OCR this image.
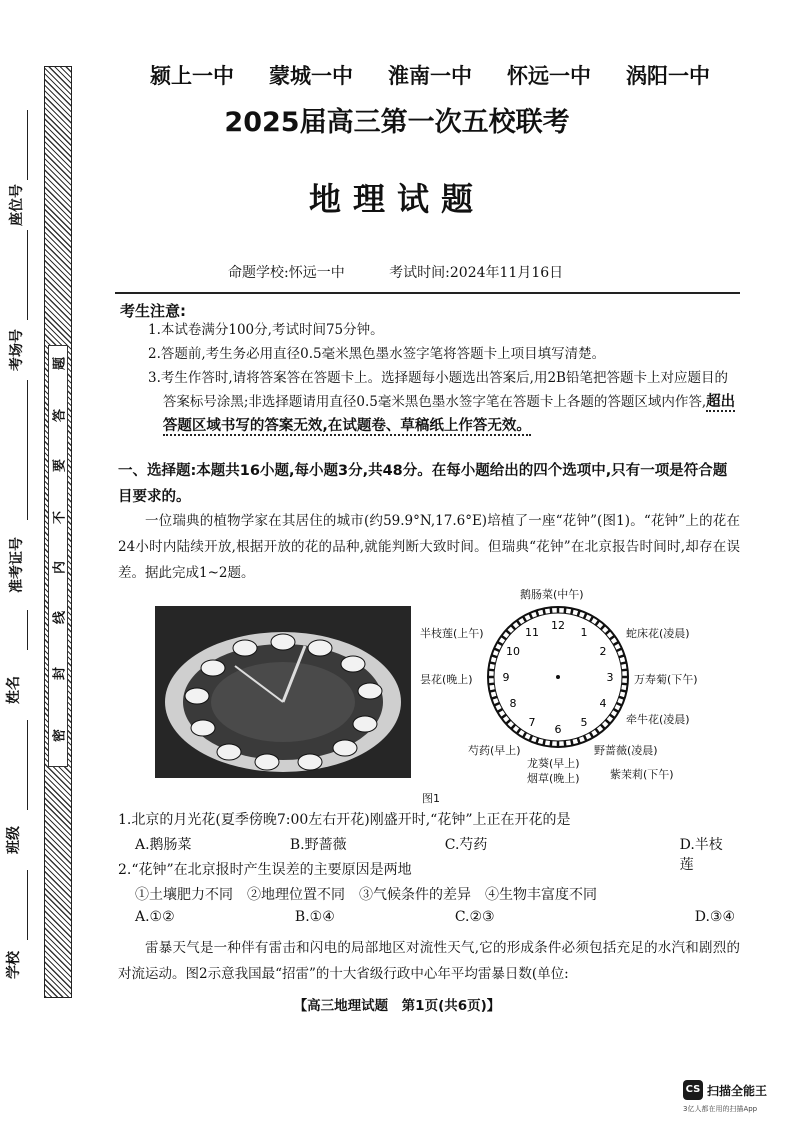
题
答
要
不
内
线
封
密
座位号
考场号
准考证号
姓名
班级
学校
颍上一中 蒙城一中 淮南一中 怀远一中 涡阳一中
2025届高三第一次五校联考
地理试题
命题学校:怀远一中	考试时间:2024年11月16日
考生注意:
1.本试卷满分100分,考试时间75分钟。
2.答题前,考生务必用直径0.5毫米黑色墨水签字笔将答题卡上项目填写清楚。
3.考生作答时,请将答案答在答题卡上。选择题每小题选出答案后,用2B铅笔把答题卡上对应题目的答案标号涂黑;非选择题请用直径0.5毫米黑色墨水签字笔在答题卡上各题的答题区域内作答,超出答题区域书写的答案无效,在试题卷、草稿纸上作答无效。
一、选择题:本题共16小题,每小题3分,共48分。在每小题给出的四个选项中,只有一项是符合题目要求的。
一位瑞典的植物学家在其居住的城市(约59.9°N,17.6°E)培植了一座“花钟”(图1)。“花钟”上的花在24小时内陆续开放,根据开放的花的品种,就能判断大致时间。但瑞典“花钟”在北京报告时间时,却存在误差。据此完成1~2题。
12
1
2
3
4
5
6
7
8
9
10
11
鹅肠菜(中午)
半枝莲(上午)
昙花(晚上)
芍药(早上)
龙葵(早上)
烟草(晚上)
蛇床花(凌晨)
万寿菊(下午)
牵牛花(凌晨)
野蔷薇(凌晨)
紫茉莉(下午)
图1
1.北京的月光花(夏季傍晚7:00左右开花)刚盛开时,“花钟”上正在开花的是
A.鹅肠菜	B.野蔷薇	C.芍药	D.半枝莲
2.“花钟”在北京报时产生误差的主要原因是两地
①土壤肥力不同　②地理位置不同　③气候条件的差异　④生物丰富度不同
A.①②	B.①④	C.②③	D.③④
雷暴天气是一种伴有雷击和闪电的局部地区对流性天气,它的形成条件必须包括充足的水汽和剧烈的对流运动。图2示意我国最“招雷”的十大省级行政中心年平均雷暴日数(单位:
【高三地理试题　第1页(共6页)】
CS 扫描全能王
3亿人都在用的扫描App
